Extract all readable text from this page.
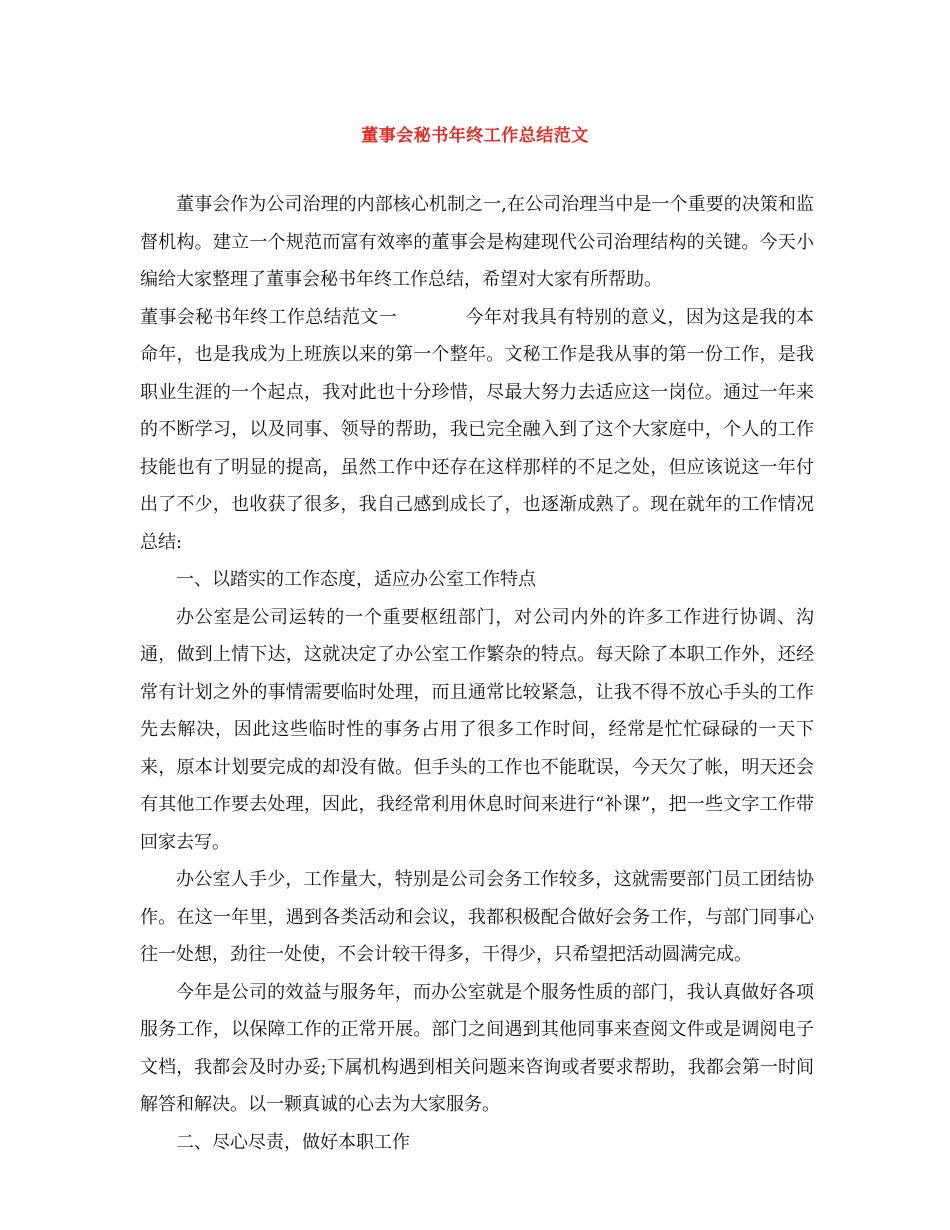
董事会秘书年终工作总结范文

董事会作为公司治理的内部核心机制之一,在公司治理当中是一个重要的决策和监督机构。建立一个规范而富有效率的董事会是构建现代公司治理结构的关键。今天小编给大家整理了董事会秘书年终工作总结，希望对大家有所帮助。

董事会秘书年终工作总结范文一	今年对我具有特别的意义，因为这是我的本命年，也是我成为上班族以来的第一个整年。文秘工作是我从事的第一份工作，是我职业生涯的一个起点，我对此也十分珍惜，尽最大努力去适应这一岗位。通过一年来的不断学习，以及同事、领导的帮助，我已完全融入到了这个大家庭中，个人的工作技能也有了明显的提高，虽然工作中还存在这样那样的不足之处，但应该说这一年付出了不少，也收获了很多，我自己感到成长了，也逐渐成熟了。现在就年的工作情况总结:

一、以踏实的工作态度，适应办公室工作特点

办公室是公司运转的一个重要枢纽部门，对公司内外的许多工作进行协调、沟通，做到上情下达，这就决定了办公室工作繁杂的特点。每天除了本职工作外，还经常有计划之外的事情需要临时处理，而且通常比较紧急，让我不得不放心手头的工作先去解决，因此这些临时性的事务占用了很多工作时间，经常是忙忙碌碌的一天下来，原本计划要完成的却没有做。但手头的工作也不能耽误，今天欠了帐，明天还会有其他工作要去处理，因此，我经常利用休息时间来进行“补课”，把一些文字工作带回家去写。

办公室人手少，工作量大，特别是公司会务工作较多，这就需要部门员工团结协作。在这一年里，遇到各类活动和会议，我都积极配合做好会务工作，与部门同事心往一处想，劲往一处使，不会计较干得多，干得少，只希望把活动圆满完成。

今年是公司的效益与服务年，而办公室就是个服务性质的部门，我认真做好各项服务工作，以保障工作的正常开展。部门之间遇到其他同事来查阅文件或是调阅电子文档，我都会及时办妥;下属机构遇到相关问题来咨询或者要求帮助，我都会第一时间解答和解决。以一颗真诚的心去为大家服务。

二、尽心尽责，做好本职工作
